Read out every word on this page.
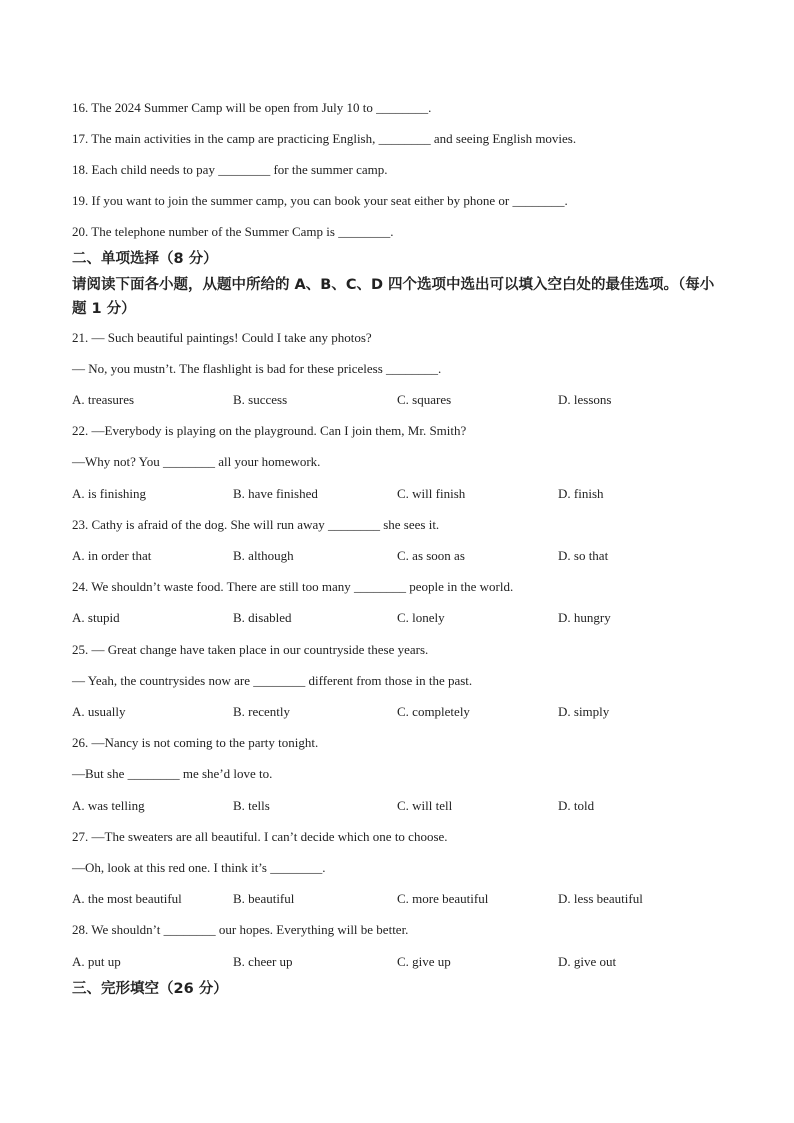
16. The 2024 Summer Camp will be open from July 10 to ________.
17. The main activities in the camp are practicing English, ________ and seeing English movies.
18. Each child needs to pay ________ for the summer camp.
19. If you want to join the summer camp, you can book your seat either by phone or ________.
20. The telephone number of the Summer Camp is ________.
二、单项选择（8 分）
请阅读下面各小题，从题中所给的 A、B、C、D 四个选项中选出可以填入空白处的最佳选项。（每小题 1 分）
21. — Such beautiful paintings! Could I take any photos?
— No, you mustn’t. The flashlight is bad for these priceless ________.
A. treasures	B. success	C. squares	D. lessons
22. —Everybody is playing on the playground. Can I join them, Mr. Smith?
—Why not? You ________ all your homework.
A. is finishing	B. have finished	C. will finish	D. finish
23. Cathy is afraid of the dog. She will run away ________ she sees it.
A. in order that	B. although	C. as soon as	D. so that
24. We shouldn’t waste food. There are still too many ________ people in the world.
A. stupid	B. disabled	C. lonely	D. hungry
25. — Great change have taken place in our countryside these years.
— Yeah, the countrysides now are ________ different from those in the past.
A. usually	B. recently	C. completely	D. simply
26. —Nancy is not coming to the party tonight.
—But she ________ me she’d love to.
A. was telling	B. tells	C. will tell	D. told
27. —The sweaters are all beautiful. I can’t decide which one to choose.
—Oh, look at this red one. I think it’s ________.
A. the most beautiful	B. beautiful	C. more beautiful	D. less beautiful
28. We shouldn’t ________ our hopes. Everything will be better.
A. put up	B. cheer up	C. give up	D. give out
三、完形填空（26 分）
